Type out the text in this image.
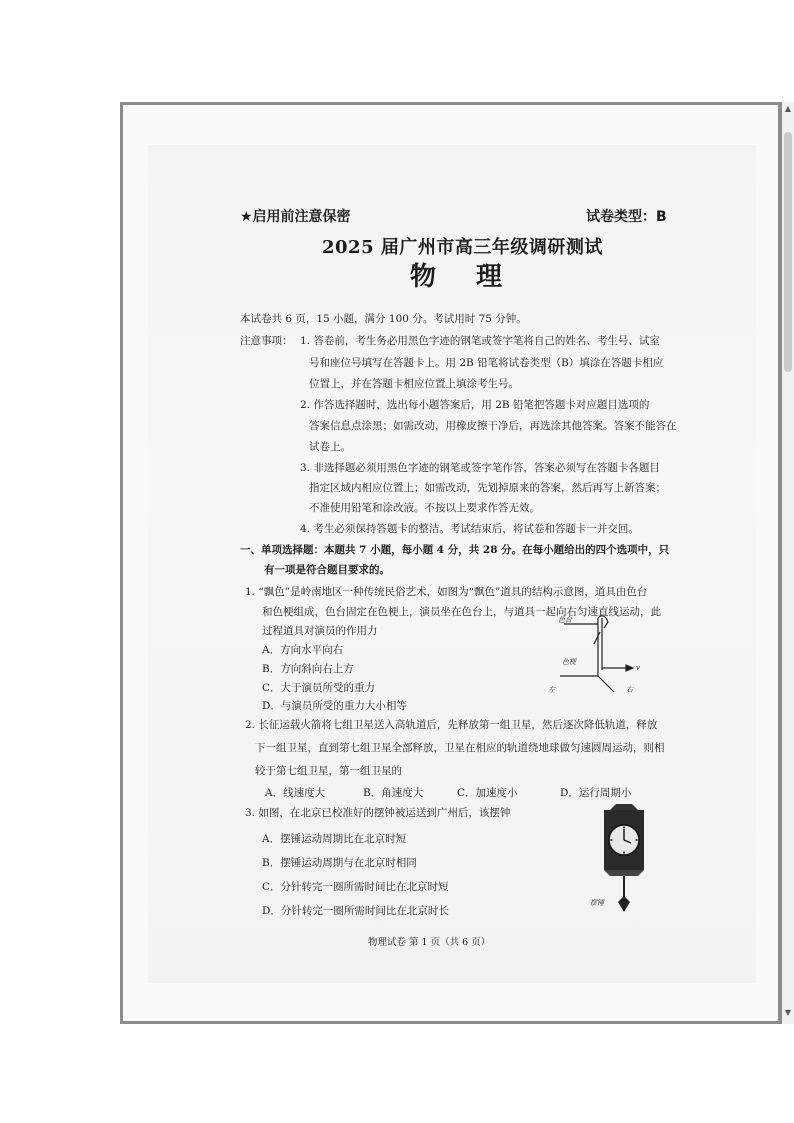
▲
▼
★启用前注意保密	试卷类型：B
2025 届广州市高三年级调研测试
物理
本试卷共 6 页，15 小题，满分 100 分。考试用时 75 分钟。
注意事项： 1. 答卷前，考生务必用黑色字迹的钢笔或签字笔将自己的姓名、考生号、试室
号和座位号填写在答题卡上。用 2B 铅笔将试卷类型（B）填涂在答题卡相应
位置上，并在答题卡相应位置上填涂考生号。
2. 作答选择题时，选出每小题答案后，用 2B 铅笔把答题卡对应题目选项的
答案信息点涂黑；如需改动，用橡皮擦干净后，再选涂其他答案。答案不能答在
试卷上。
3. 非选择题必须用黑色字迹的钢笔或签字笔作答，答案必须写在答题卡各题目
指定区域内相应位置上；如需改动，先划掉原来的答案，然后再写上新答案；
不准使用铅笔和涂改液。不按以上要求作答无效。
4. 考生必须保持答题卡的整洁。考试结束后，将试卷和答题卡一并交回。
一、单项选择题：本题共 7 小题，每小题 4 分，共 28 分。在每小题给出的四个选项中，只
有一项是符合题目要求的。
1. “飘色”是岭南地区一种传统民俗艺术，如图为“飘色”道具的结构示意图，道具由色台
和色梗组成，色台固定在色梗上，演员坐在色台上，与道具一起向右匀速直线运动，此
过程道具对演员的作用力
A．方向水平向右
B．方向斜向右上方
C．大于演员所受的重力
D．与演员所受的重力大小相等
色台
色梗
v
左	右
2. 长征运载火箭将七组卫星送入高轨道后，先释放第一组卫星，然后逐次降低轨道，释放
下一组卫星，直到第七组卫星全部释放，卫星在相应的轨道绕地球做匀速圆周运动，则相
较于第七组卫星，第一组卫星的
A．线速度大	B．角速度大	C．加速度小	D．运行周期小
3. 如图，在北京已校准好的摆钟被运送到广州后，该摆钟
A．摆锤运动周期比在北京时短
B．摆锤运动周期与在北京时相同
C．分针转完一圈所需时间比在北京时短
D．分针转完一圈所需时间比在北京时长
摆锤
物理试卷 第 1 页（共 6 页）
